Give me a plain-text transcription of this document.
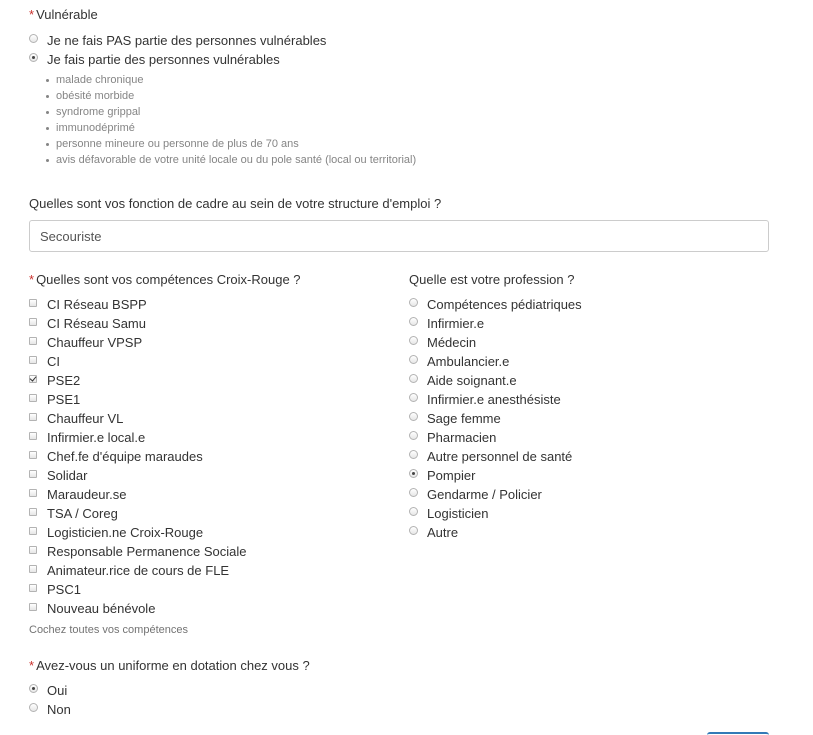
* Vulnérable
Je ne fais PAS partie des personnes vulnérables
Je fais partie des personnes vulnérables
malade chronique
obésité morbide
syndrome grippal
immunodéprimé
personne mineure ou personne de plus de 70 ans
avis défavorable de votre unité locale ou du pole santé (local ou territorial)
Quelles sont vos fonction de cadre au sein de votre structure d'emploi ?
Secouriste
* Quelles sont vos compétences Croix-Rouge ?
CI Réseau BSPP
CI Réseau Samu
Chauffeur VPSP
CI
PSE2
PSE1
Chauffeur VL
Infirmier.e local.e
Chef.fe d'équipe maraudes
Solidar
Maraudeur.se
TSA / Coreg
Logisticien.ne Croix-Rouge
Responsable Permanence Sociale
Animateur.rice de cours de FLE
PSC1
Nouveau bénévole
Cochez toutes vos compétences
Quelle est votre profession ?
Compétences pédiatriques
Infirmier.e
Médecin
Ambulancier.e
Aide soignant.e
Infirmier.e anesthésiste
Sage femme
Pharmacien
Autre personnel de santé
Pompier
Gendarme / Policier
Logisticien
Autre
* Avez-vous un uniforme en dotation chez vous ?
Oui
Non
